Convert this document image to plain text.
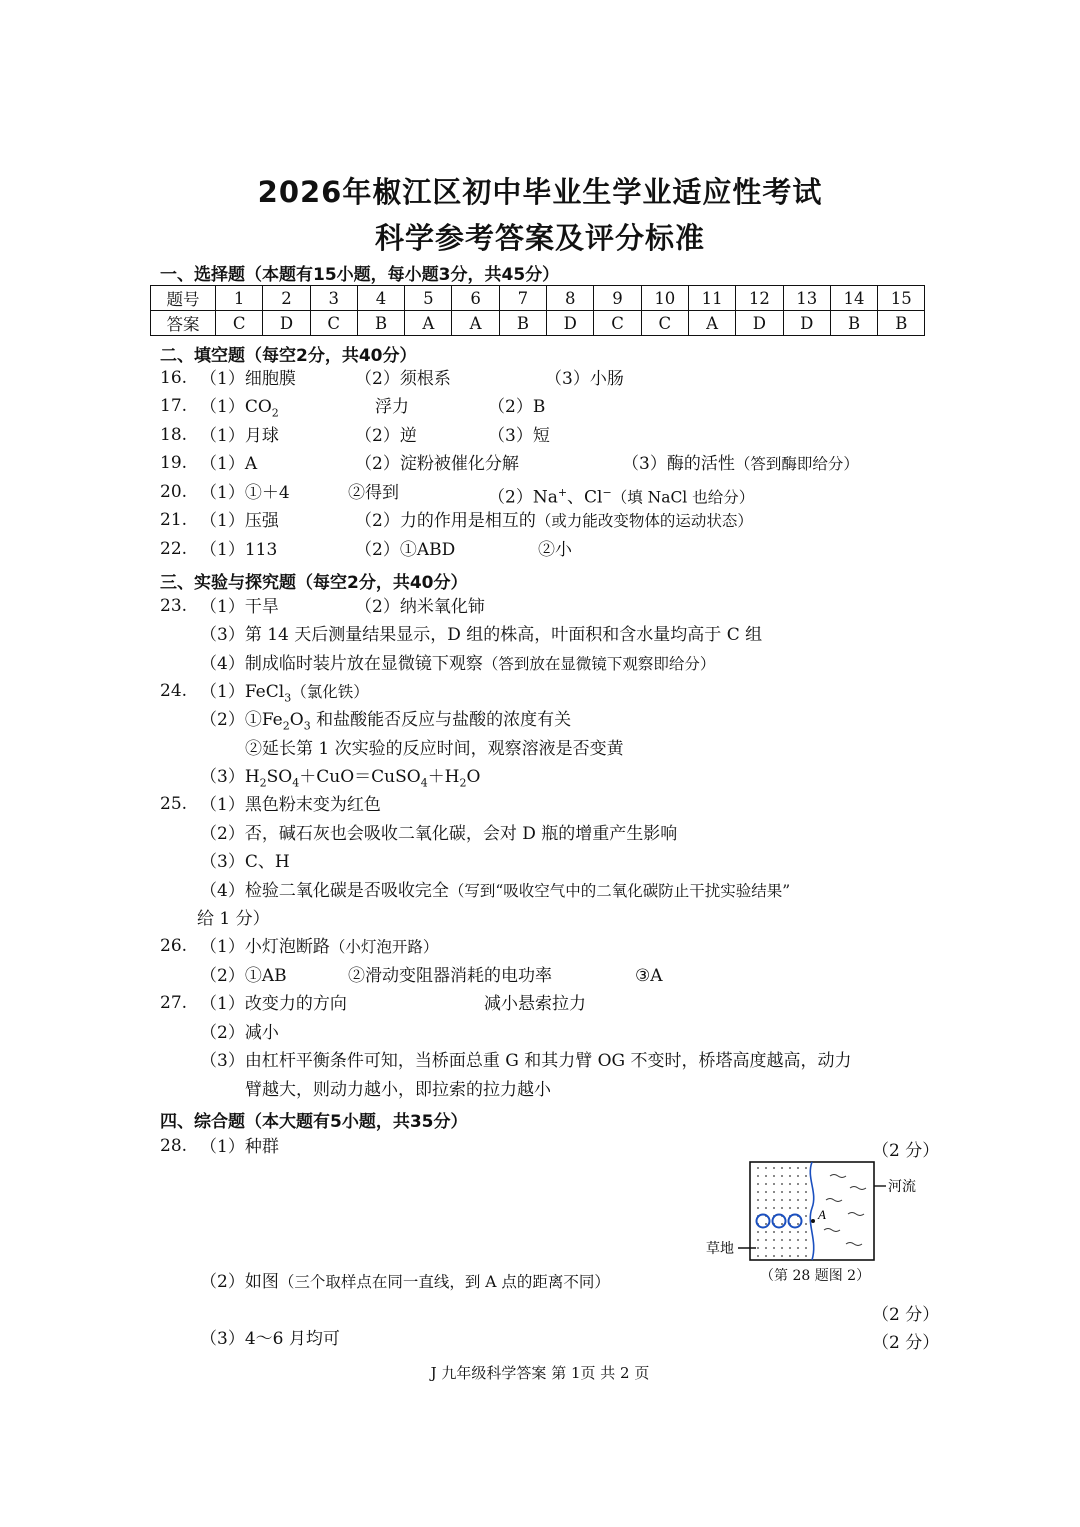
2026年椒江区初中毕业生学业适应性考试
科学参考答案及评分标准
一、选择题（本题有15小题，每小题3分，共45分）
题号	1	2	3	4	5	6	7	8	9	10	11	12	13	14	15
答案	C	D	C	B	A	A	B	D	C	C	A	D	D	B	B
二、填空题（每空2分，共40分）
16. （1）细胞膜	（2）须根系	（3）小肠
17. $(1)CO_2$	浮力	（2）B
18. （1）月球	（2）逆	（3）短
19. （1）A	（2）淀粉被催化分解	（3）酶的活性（答到酶即给分）
20. （1）①＋4	②得到	（2）Na+、Cl−（填 NaCl 也给分）
21. （1）压强	（2）力的作用是相互的（或力能改变物体的运动状态）
22. （1）113	（2）①ABD	②小
三、实验与探究题（每空2分，共40分）
23. （1）干旱	（2）纳米氧化铈
（3）第 14 天后测量结果显示，D 组的株高，叶面积和含水量均高于 C 组
（4）制成临时装片放在显微镜下观察（答到放在显微镜下观察即给分）
24. （1）FeCl$_3$（氯化铁）
$(2)①Fe_2O_3$ 和盐酸能否反应与盐酸的浓度有关
②延长第 1 次实验的反应时间，观察溶液是否变黄
$(3)H_2SO_4+CuO=CuSO_4+H_2O$
25. （1）黑色粉末变为红色
（2）否，碱石灰也会吸收二氧化碳，会对 D 瓶的增重产生影响
（3）C、H
（4）检验二氧化碳是否吸收完全（写到“吸收空气中的二氧化碳防止干扰实验结果”
给 1 分）
26. （1）小灯泡断路（小灯泡开路）
（2）①AB	②滑动变阻器消耗的电功率	③A
27. （1）改变力的方向	减小悬索拉力
（2）减小
（3）由杠杆平衡条件可知，当桥面总重 G 和其力臂 OG 不变时，桥塔高度越高，动力
臂越大，则动力越小，即拉索的拉力越小
四、综合题（本大题有5小题，共35分）
28. （1）种群	（2 分）
A
河流
草地
（第 28 题图 2）
（2）如图（三个取样点在同一直线，到 A 点的距离不同）
（2 分）
（3）4～6 月均可	（2 分）
J 九年级科学答案 第 1页 共 2 页
